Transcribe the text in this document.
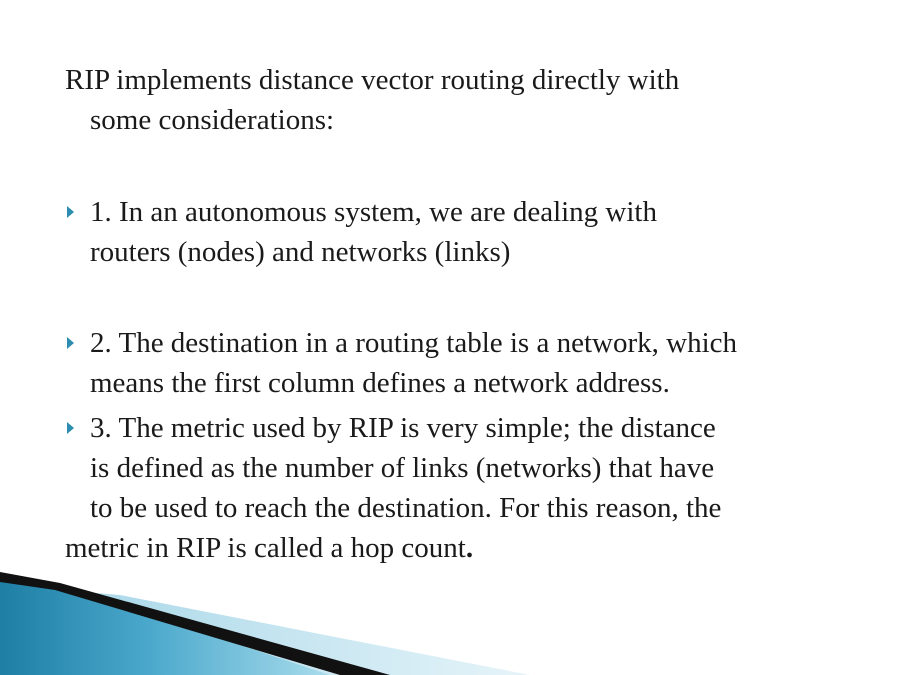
RIP implements distance vector routing directly with
some considerations:
1. In an autonomous system, we are dealing with
routers (nodes) and networks (links)
2. The destination in a routing table is a network, which
means the first column defines a network address.
3. The metric used by RIP is very simple; the distance
is defined as the number of links (networks) that have
to be used to reach the destination. For this reason, the
metric in RIP is called a hop count.
